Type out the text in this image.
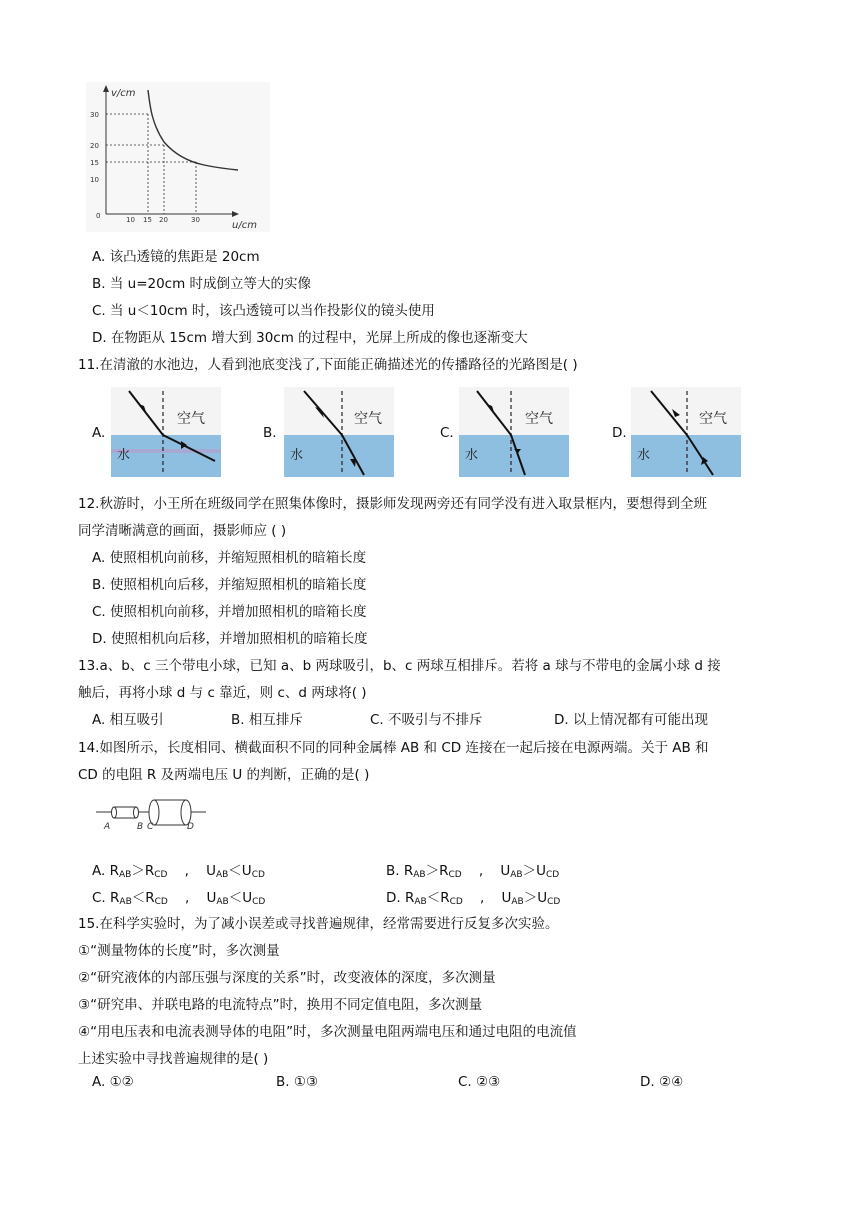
v/cm
u/cm
30
20
15
10
0	10 15 20	30
A. 该凸透镜的焦距是 20cm
B. 当 u=20cm 时成倒立等大的实像
C. 当 u＜10cm 时，该凸透镜可以当作投影仪的镜头使用
D. 在物距从 15cm 增大到 30cm 的过程中，光屏上所成的像也逐渐变大
11.在清澈的水池边，人看到池底变浅了,下面能正确描述光的传播路径的光路图是( )
A.
空气
水
B.
空气
水
C.
空气
水
D.
空气
水
12.秋游时，小王所在班级同学在照集体像时，摄影师发现两旁还有同学没有进入取景框内，要想得到全班
同学清晰满意的画面，摄影师应 ( )
A. 使照相机向前移，并缩短照相机的暗箱长度
B. 使照相机向后移，并缩短照相机的暗箱长度
C. 使照相机向前移，并增加照相机的暗箱长度
D. 使照相机向后移，并增加照相机的暗箱长度
13.a、b、c 三个带电小球，已知 a、b 两球吸引，b、c 两球互相排斥。若将 a 球与不带电的金属小球 d 接
触后，再将小球 d 与 c 靠近，则 c、d 两球将( )
A. 相互吸引	B. 相互排斥	C. 不吸引与不排斥	D. 以上情况都有可能出现
14.如图所示，长度相同、横截面积不同的同种金属棒 AB 和 CD 连接在一起后接在电源两端。关于 AB 和
CD 的电阻 R 及两端电压 U 的判断，正确的是( )
A	B C	D
A. $R_{AB}>R_{CD}$    ,    $U_{AB}<U_{CD}$	B. $R_{AB}>R_{CD}$    ,    $U_{AB}>U_{CD}$
C. $R_{AB}<R_{CD}$    ,    $U_{AB}<U_{CD}$	D. $R_{AB}<R_{CD}$    ,    $U_{AB}>U_{CD}$
15.在科学实验时，为了减小误差或寻找普遍规律，经常需要进行反复多次实验。
①“测量物体的长度”时，多次测量
②“研究液体的内部压强与深度的关系”时，改变液体的深度，多次测量
③“研究串、并联电路的电流特点”时，换用不同定值电阻，多次测量
④“用电压表和电流表测导体的电阻”时，多次测量电阻两端电压和通过电阻的电流值
上述实验中寻找普遍规律的是( )
A. ①②	B. ①③	C. ②③	D. ②④
